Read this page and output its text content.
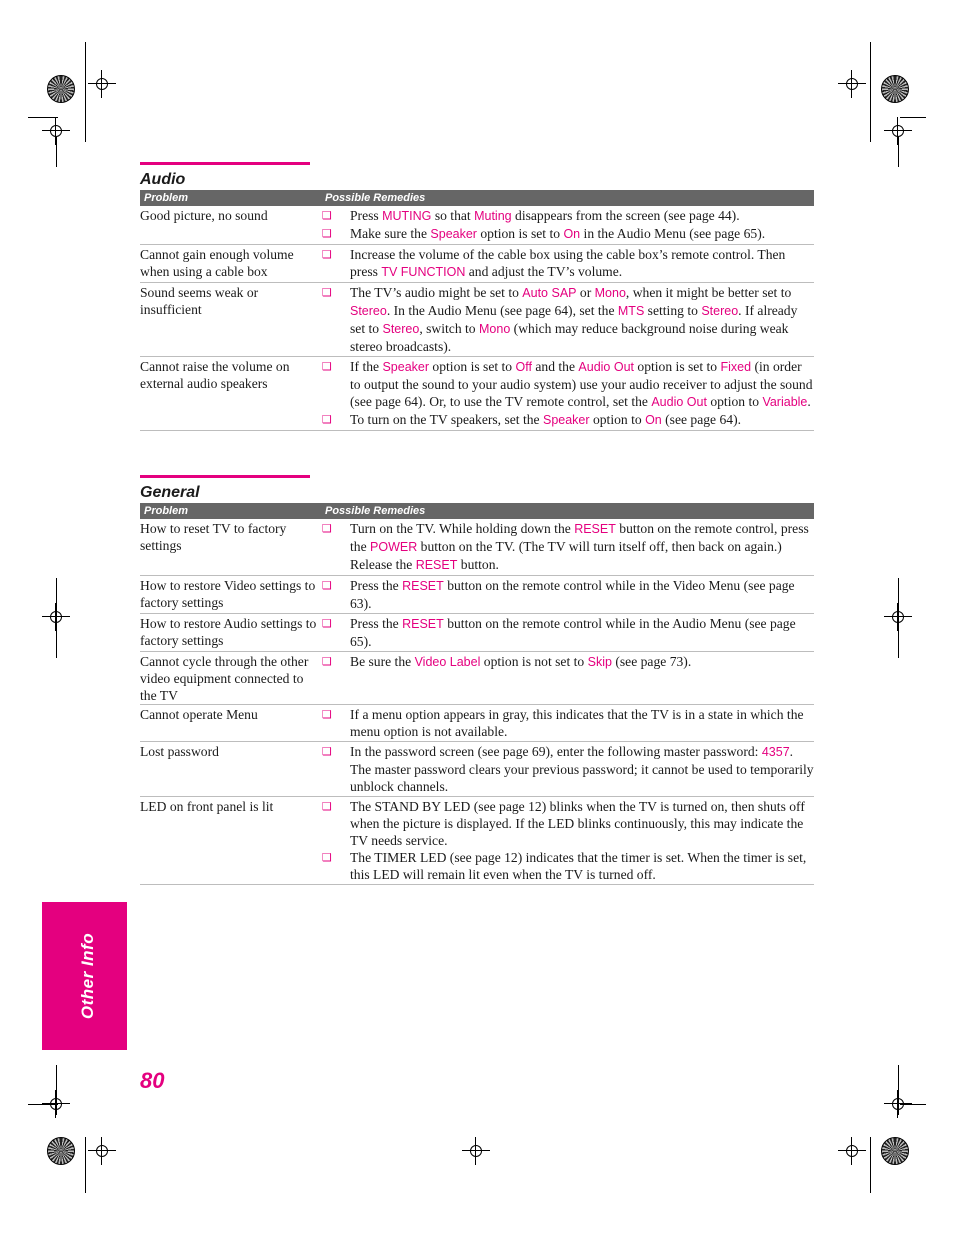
Audio
Problem	Possible Remedies
Good picture, no sound	❑	Press MUTING so that Muting disappears from the screen (see page 44).
❑	Make sure the Speaker option is set to On in the Audio Menu (see page 65).
Cannot gain enough volume when using a cable box
❑	Increase the volume of the cable box using the cable box’s remote control. Then press TV FUNCTION and adjust the TV’s volume.
Sound seems weak or insufficient
❑	The TV’s audio might be set to Auto SAP or Mono, when it might be better set to Stereo. In the Audio Menu (see page 64), set the MTS setting to Stereo. If already set to Stereo, switch to Mono (which may reduce background noise during weak stereo broadcasts).
Cannot raise the volume on external audio speakers
❑	If the Speaker option is set to Off and the Audio Out option is set to Fixed (in order to output the sound to your audio system) use your audio receiver to adjust the sound (see page 64). Or, to use the TV remote control, set the Audio Out option to Variable.
❑	To turn on the TV speakers, set the Speaker option to On (see page 64).
General
Problem	Possible Remedies
How to reset TV to factory settings
❑	Turn on the TV. While holding down the RESET button on the remote control, press the POWER button on the TV. (The TV will turn itself off, then back on again.) Release the RESET button.
How to restore Video settings to factory settings
❑	Press the RESET button on the remote control while in the Video Menu (see page 63).
How to restore Audio settings to factory settings
❑	Press the RESET button on the remote control while in the Audio Menu (see page 65).
Cannot cycle through the other video equipment connected to the TV
❑	Be sure the Video Label option is not set to Skip (see page 73).
Cannot operate Menu	❑	If a menu option appears in gray, this indicates that the TV is in a state in which the menu option is not available.
Lost password	❑	In the password screen (see page 69), enter the following master password: 4357. The master password clears your previous password; it cannot be used to temporarily unblock channels.
LED on front panel is lit	❑	The STAND BY LED (see page 12) blinks when the TV is turned on, then shuts off when the picture is displayed. If the LED blinks continuously, this may indicate the TV needs service.
❑	The TIMER LED (see page 12) indicates that the timer is set. When the timer is set, this LED will remain lit even when the TV is turned off.
Other Info
80
